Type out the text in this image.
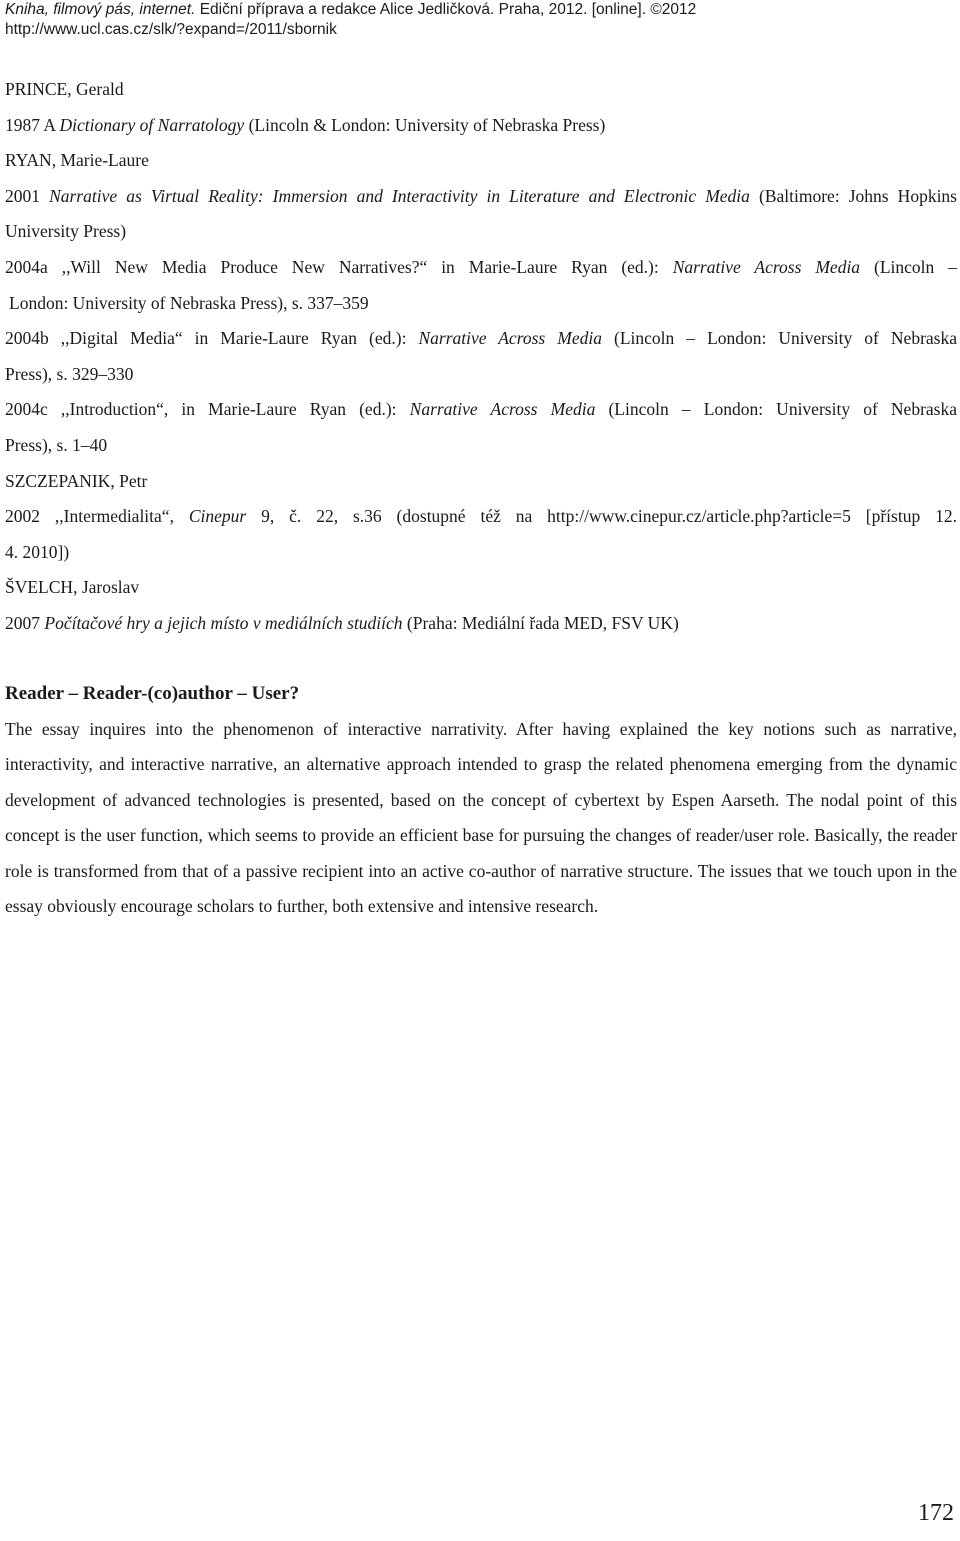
Kniha, filmový pás, internet. Ediční příprava a redakce Alice Jedličková. Praha, 2012. [online]. ©2012
http://www.ucl.cas.cz/slk/?expand=/2011/sbornik
PRINCE, Gerald
1987 A Dictionary of Narratology (Lincoln & London: University of Nebraska Press)
RYAN, Marie-Laure
2001 Narrative as Virtual Reality: Immersion and Interactivity in Literature and Electronic Media (Baltimore: Johns Hopkins
University Press)
2004a ,,Will New Media Produce New Narratives?“ in Marie-Laure Ryan (ed.): Narrative Across Media (Lincoln –
London: University of Nebraska Press), s. 337–359
2004b ,,Digital Media“ in Marie-Laure Ryan (ed.): Narrative Across Media (Lincoln – London: University of Nebraska
Press), s. 329–330
2004c ,,Introduction“, in Marie-Laure Ryan (ed.): Narrative Across Media (Lincoln – London: University of Nebraska
Press), s. 1–40
SZCZEPANIK, Petr
2002 ,,Intermedialita“, Cinepur 9, č. 22, s.36 (dostupné též na http://www.cinepur.cz/article.php?article=5 [přístup 12.
4. 2010])
ŠVELCH, Jaroslav
2007 Počítačové hry a jejich místo v mediálních studiích (Praha: Mediální řada MED, FSV UK)
Reader – Reader-(co)author – User?

The essay inquires into the phenomenon of interactive narrativity. After having explained the key notions such as narrative, interactivity, and interactive narrative, an alternative approach intended to grasp the related phenomena emerging from the dynamic development of advanced technologies is presented, based on the concept of cybertext by Espen Aarseth. The nodal point of this concept is the user function, which seems to provide an efficient base for pursuing the changes of reader/user role. Basically, the reader role is transformed from that of a passive recipient into an active co-author of narrative structure. The issues that we touch upon in the essay obviously encourage scholars to further, both extensive and intensive research.

172
